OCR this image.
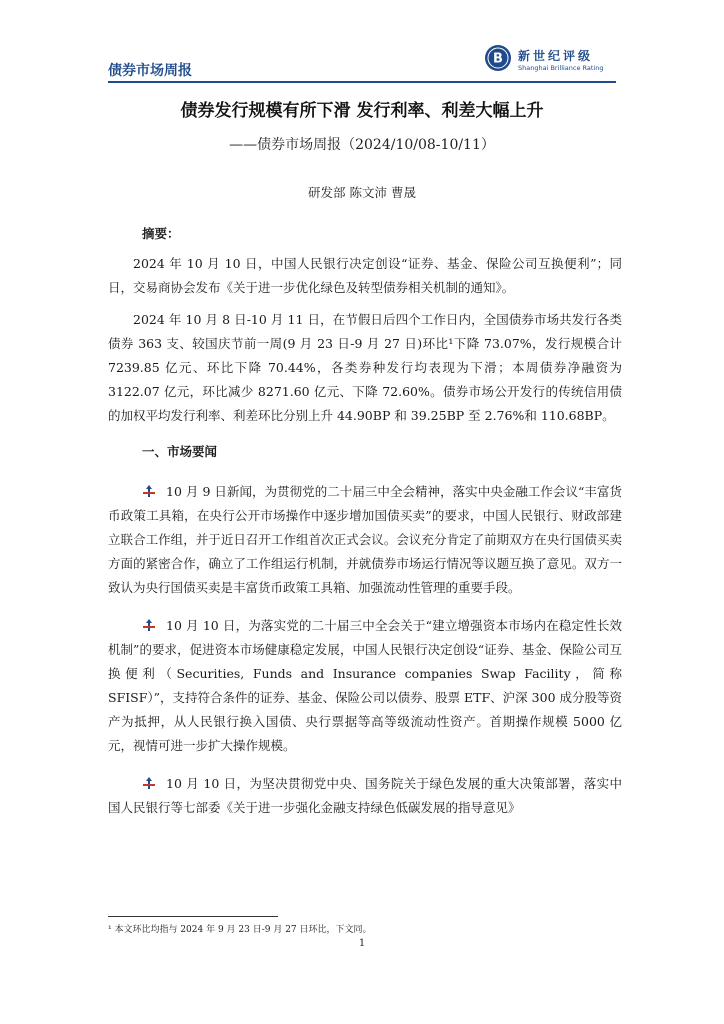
债券市场周报
B 新世纪评级
Shanghai Brilliance Rating
债券发行规模有所下滑 发行利率、利差大幅上升
——债券市场周报（2024/10/08-10/11）
研发部 陈文沛 曹晟

摘要：

2024 年 10 月 10 日，中国人民银行决定创设“证券、基金、保险公司互换便利”；同日，交易商协会发布《关于进一步优化绿色及转型债券相关机制的通知》。

2024 年 10 月 8 日-10 月 11 日，在节假日后四个工作日内，全国债券市场共发行各类债券 363 支、较国庆节前一周(9 月 23 日-9 月 27 日)环比¹下降 73.07%，发行规模合计 7239.85 亿元、环比下降 70.44%，各类券种发行均表现为下滑；本周债券净融资为 3122.07 亿元，环比减少 8271.60 亿元、下降 72.60%。债券市场公开发行的传统信用债的加权平均发行利率、利差环比分别上升 44.90BP 和 39.25BP 至 2.76%和 110.68BP。

一、市场要闻

10 月 9 日新闻，为贯彻党的二十届三中全会精神，落实中央金融工作会议“丰富货币政策工具箱，在央行公开市场操作中逐步增加国债买卖”的要求，中国人民银行、财政部建立联合工作组，并于近日召开工作组首次正式会议。会议充分肯定了前期双方在央行国债买卖方面的紧密合作，确立了工作组运行机制，并就债券市场运行情况等议题互换了意见。双方一致认为央行国债买卖是丰富货币政策工具箱、加强流动性管理的重要手段。

10 月 10 日，为落实党的二十届三中全会关于“建立增强资本市场内在稳定性长效机制”的要求，促进资本市场健康稳定发展，中国人民银行决定创设“证券、基金、保险公司互换便利（Securities, Funds and Insurance companies Swap Facility，简称 SFISF）”，支持符合条件的证券、基金、保险公司以债券、股票 ETF、沪深 300 成分股等资产为抵押，从人民银行换入国债、央行票据等高等级流动性资产。首期操作规模 5000 亿元，视情可进一步扩大操作规模。

10 月 10 日，为坚决贯彻党中央、国务院关于绿色发展的重大决策部署，落实中国人民银行等七部委《关于进一步强化金融支持绿色低碳发展的指导意见》

¹ 本文环比均指与 2024 年 9 月 23 日-9 月 27 日环比，下文同。
1
